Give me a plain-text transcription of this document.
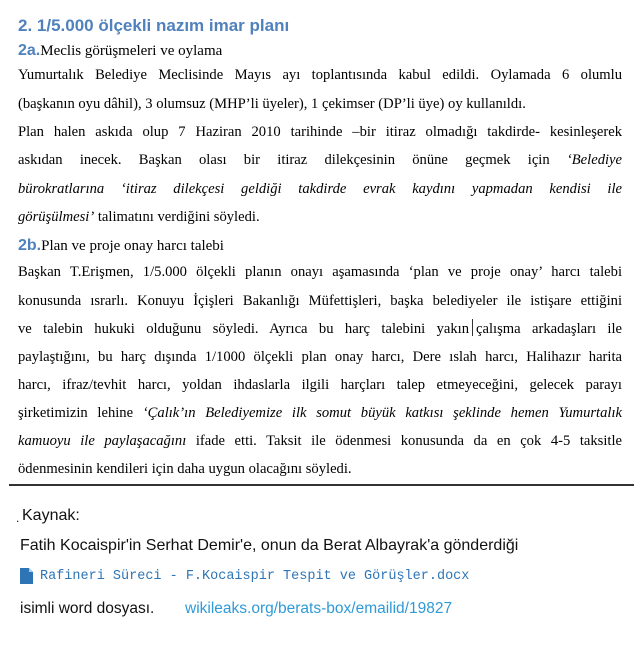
2. 1/5.000 ölçekli nazım imar planı
2a.Meclis görüşmeleri ve oylama
Yumurtalık Belediye Meclisinde Mayıs ayı toplantısında kabul edildi. Oylamada 6 olumlu
(başkanın oyu dâhil), 3 olumsuz (MHP’li üyeler), 1 çekimser (DP’li üye) oy kullanıldı.
Plan halen askıda olup 7 Haziran 2010 tarihinde –bir itiraz olmadığı takdirde- kesinleşerek
askıdan inecek. Başkan olası bir itiraz dilekçesinin önüne geçmek için ‘Belediye
bürokratlarına ‘itiraz dilekçesi geldiği takdirde evrak kaydını yapmadan kendisi ile
görüşülmesi’ talimatını verdiğini söyledi.
2b.Plan ve proje onay harcı talebi
Başkan T.Erişmen, 1/5.000 ölçekli planın onayı aşamasında ‘plan ve proje onay’ harcı talebi
konusunda ısrarlı. Konuyu İçişleri Bakanlığı Müfettişleri, başka belediyeler ile istişare ettiğini
ve talebin hukuki olduğunu söyledi. Ayrıca bu harç talebini yakın çalışma arkadaşları ile
paylaştığını, bu harç dışında 1/1000 ölçekli plan onay harcı, Dere ıslah harcı, Halihazır harita
harcı, ifraz/tevhit harcı, yoldan ihdaslarla ilgili harçları talep etmeyeceğini, gelecek parayı
şirketimizin lehine ‘Çalık’ın Belediyemize ilk somut büyük katkısı şeklinde hemen Yumurtalık
kamuoyu ile paylaşacağını ifade etti. Taksit ile ödenmesi konusunda da en çok 4-5 taksitle
ödenmesinin kendileri için daha uygun olacağını söyledi.
. Kaynak:
Fatih Kocaispir'in Serhat Demir'e, onun da Berat Albayrak'a gönderdiği
Rafineri Süreci - F.Kocaispir Tespit ve Görüşler.docx
isimli word dosyası. wikileaks.org/berats-box/emailid/19827
